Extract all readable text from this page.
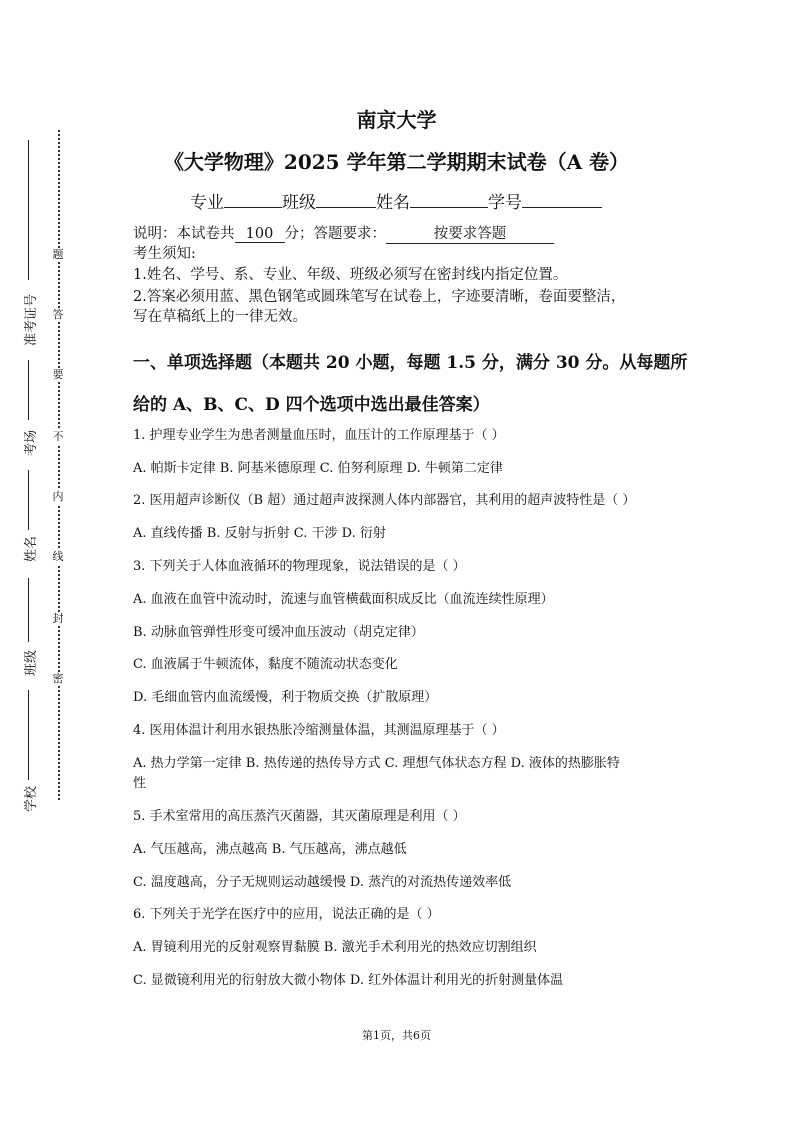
准考证号
考场
姓名
班级
学校
题
答
要
不
内
线
封
密
南京大学
《大学物理》2025 学年第二学期期末试卷（A 卷）
专业	班级	姓名	学号
说明：本试卷共 100 分；答题要求：	按要求答题
考生须知:
1.姓名、学号、系、专业、年级、班级必须写在密封线内指定位置。
2.答案必须用蓝、黑色钢笔或圆珠笔写在试卷上，字迹要清晰，卷面要整洁，
写在草稿纸上的一律无效。
一、单项选择题（本题共 20 小题，每题 1.5 分，满分 30 分。从每题所
给的 A、B、C、D 四个选项中选出最佳答案）
1. 护理专业学生为患者测量血压时，血压计的工作原理基于（ ）
A. 帕斯卡定律 B. 阿基米德原理 C. 伯努利原理 D. 牛顿第二定律
2. 医用超声诊断仪（B 超）通过超声波探测人体内部器官，其利用的超声波特性是（ ）
A. 直线传播 B. 反射与折射 C. 干涉 D. 衍射
3. 下列关于人体血液循环的物理现象，说法错误的是（ ）
A. 血液在血管中流动时，流速与血管横截面积成反比（血流连续性原理）
B. 动脉血管弹性形变可缓冲血压波动（胡克定律）
C. 血液属于牛顿流体，黏度不随流动状态变化
D. 毛细血管内血流缓慢，利于物质交换（扩散原理）
4. 医用体温计利用水银热胀冷缩测量体温，其测温原理基于（ ）
A. 热力学第一定律 B. 热传递的热传导方式 C. 理想气体状态方程 D. 液体的热膨胀特
性
5. 手术室常用的高压蒸汽灭菌器，其灭菌原理是利用（ ）
A. 气压越高，沸点越高 B. 气压越高，沸点越低
C. 温度越高，分子无规则运动越缓慢 D. 蒸汽的对流热传递效率低
6. 下列关于光学在医疗中的应用，说法正确的是（ ）
A. 胃镜利用光的反射观察胃黏膜 B. 激光手术利用光的热效应切割组织
C. 显微镜利用光的衍射放大微小物体 D. 红外体温计利用光的折射测量体温
第1页，共6页
